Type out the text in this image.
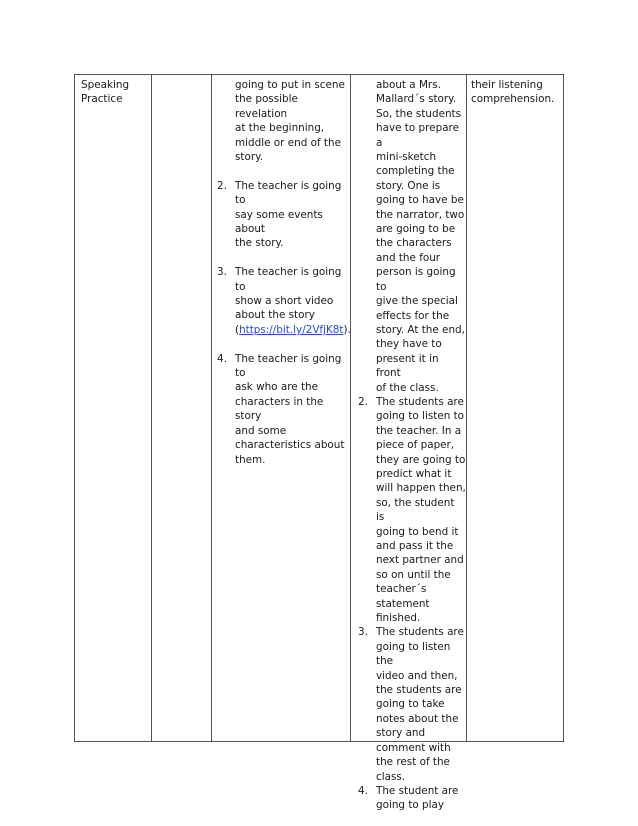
Speaking

Practice

going to put in scene

the possible revelation

at the beginning,

middle or end of the

story.

2. The teacher is going to

say some events about

the story.

3. The teacher is going to

show a short video

about the story

(https://bit.ly/2VfjK8t).

4. The teacher is going to

ask who are the

characters in the story

and some

characteristics about

them.

about a Mrs.

Mallard´s story.

So, the students

have to prepare a

mini-sketch

completing the

story. One is

going to have be

the narrator, two

are going to be

the characters

and the four

person is going to

give the special

effects for the

story. At the end,

they have to

present it in front

of the class.

2. The students are

going to listen to

the teacher. In a

piece of paper,

they are going to

predict what it

will happen then,

so, the student is

going to bend it

and pass it the

next partner and

so on until the

teacher´s

statement

finished.

3. The students are

going to listen the

video and then,

the students are

going to take

notes about the

story and

comment with

the rest of the

class.

4. The student are

going to play

their listening

comprehension.
